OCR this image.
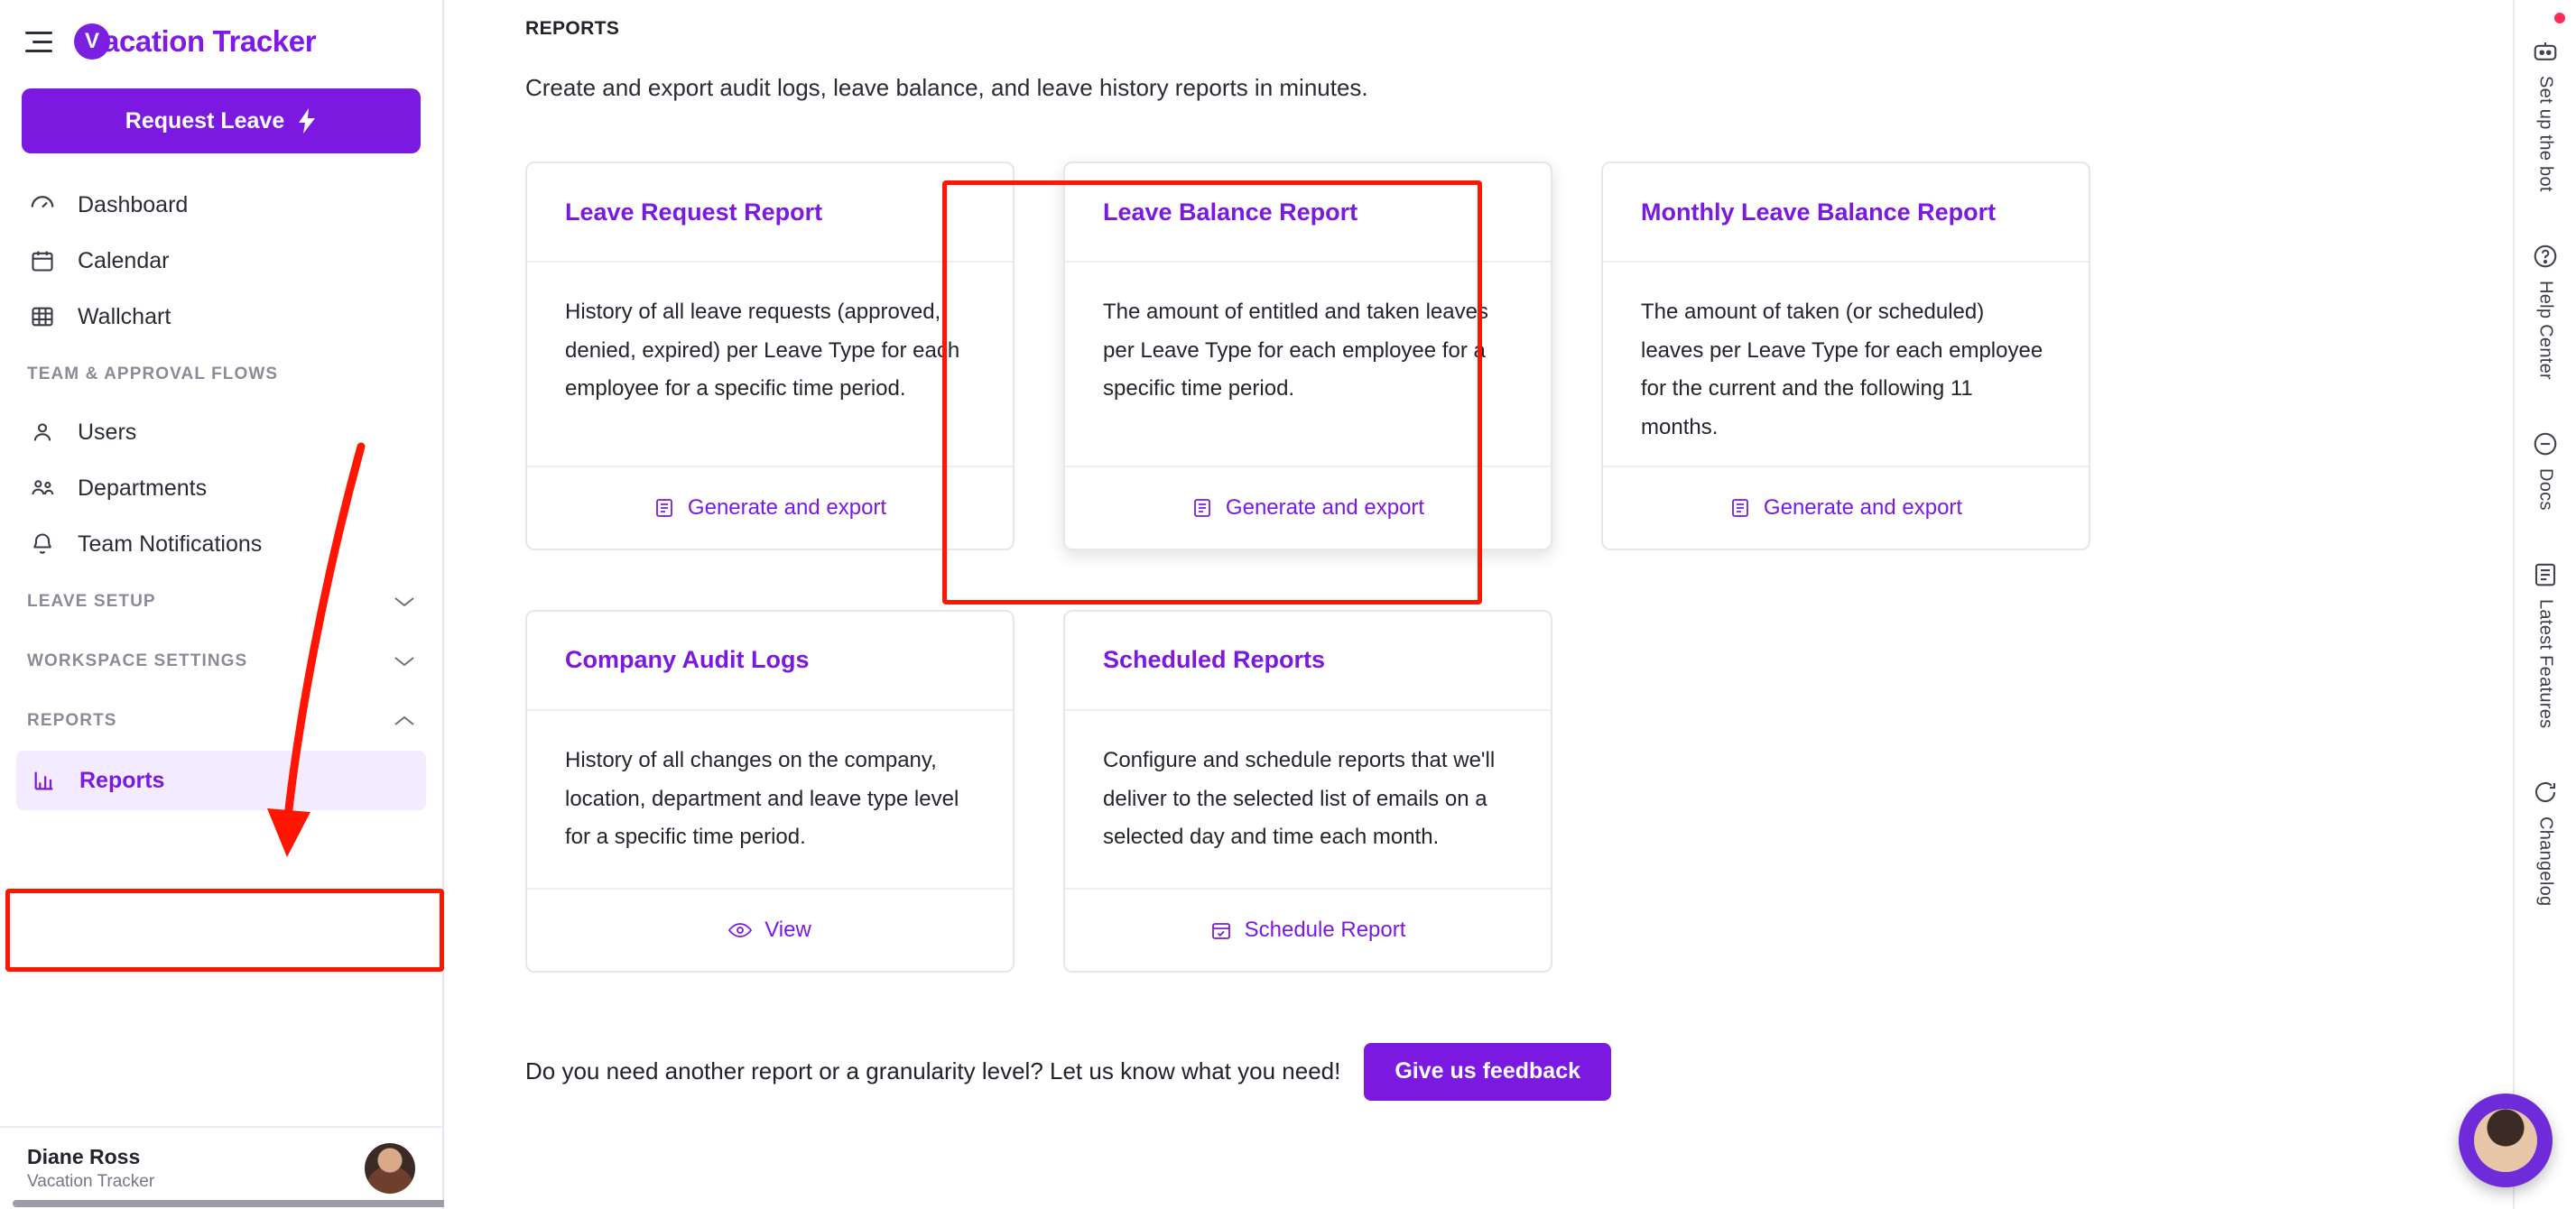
V acation Tracker
Request Leave
Dashboard
Calendar
Wallchart
TEAM & APPROVAL FLOWS
Users
Departments
Team Notifications
LEAVE SETUP
WORKSPACE SETTINGS
REPORTS
Reports
Diane Ross
Vacation Tracker
REPORTS
Create and export audit logs, leave balance, and leave history reports in minutes.
Leave Request Report
History of all leave requests (approved, denied, expired) per Leave Type for each employee for a specific time period.
Generate and export
Leave Balance Report
The amount of entitled and taken leaves per Leave Type for each employee for a specific time period.
Generate and export
Monthly Leave Balance Report
The amount of taken (or scheduled) leaves per Leave Type for each employee for the current and the following 11 months.
Generate and export
Company Audit Logs
History of all changes on the company, location, department and leave type level for a specific time period.
View
Scheduled Reports
Configure and schedule reports that we'll deliver to the selected list of emails on a selected day and time each month.
Schedule Report
Do you need another report or a granularity level? Let us know what you need!	Give us feedback
Set up the bot
Help Center
Docs
Latest Features
Changelog
